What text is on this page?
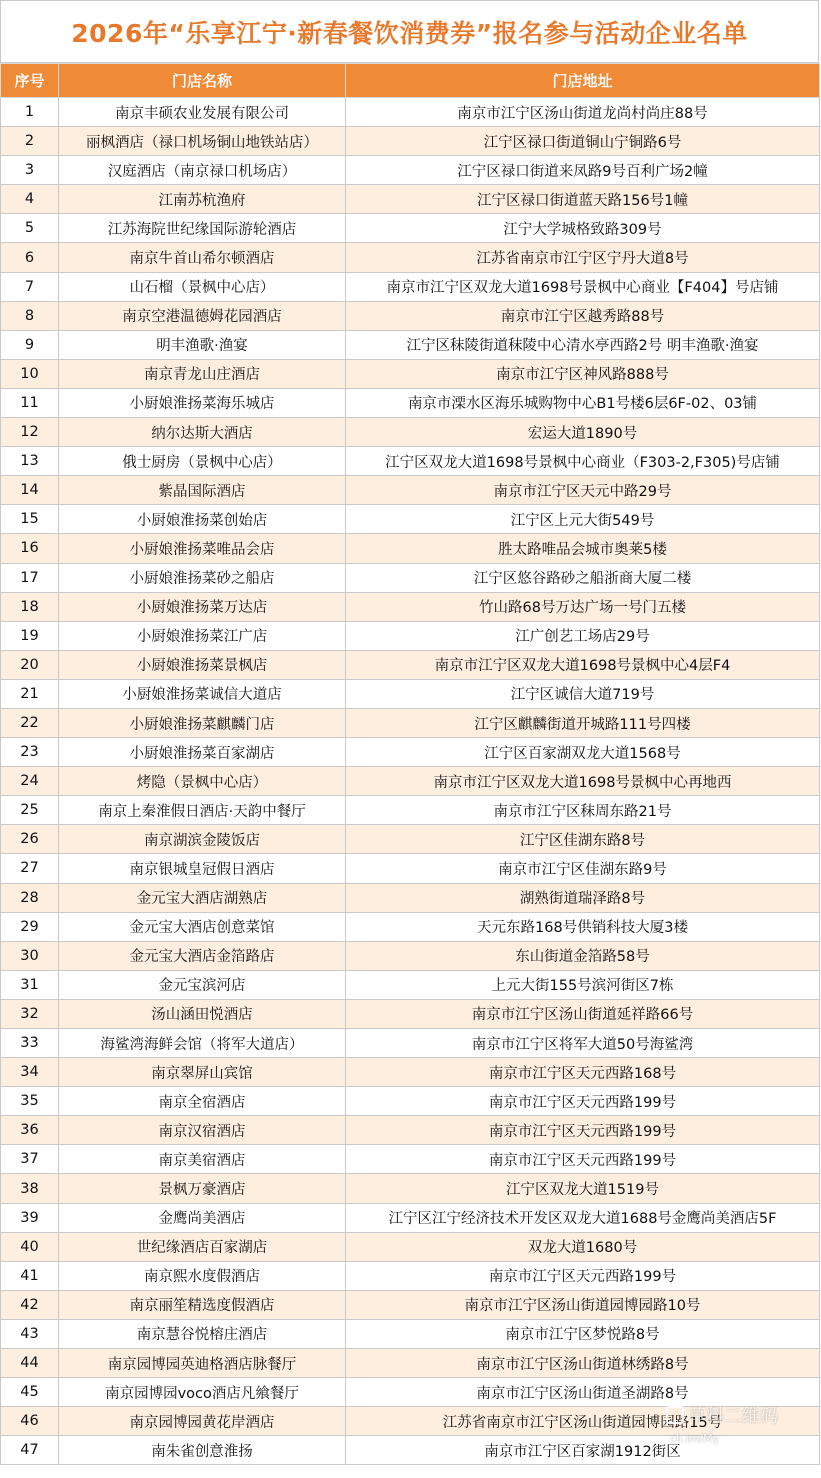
2026年“乐享江宁·新春餐饮消费券”报名参与活动企业名单
序号	门店名称	门店地址
1	南京丰硕农业发展有限公司	南京市江宁区汤山街道龙尚村尚庄88号
2	丽枫酒店（禄口机场铜山地铁站店）	江宁区禄口街道铜山宁铜路6号
3	汉庭酒店（南京禄口机场店）	江宁区禄口街道来凤路9号百利广场2幢
4	江南苏杭渔府	江宁区禄口街道蓝天路156号1幢
5	江苏海院世纪缘国际游轮酒店	江宁大学城格致路309号
6	南京牛首山希尔顿酒店	江苏省南京市江宁区宁丹大道8号
7	山石榴（景枫中心店）	南京市江宁区双龙大道1698号景枫中心商业【F404】号店铺
8	南京空港温德姆花园酒店	南京市江宁区越秀路88号
9	明丰渔歌·渔宴	江宁区秣陵街道秣陵中心清水亭西路2号 明丰渔歌·渔宴
10	南京青龙山庄酒店	南京市江宁区神风路888号
11	小厨娘淮扬菜海乐城店	南京市溧水区海乐城购物中心B1号楼6层6F-02、03铺
12	纳尔达斯大酒店	宏运大道1890号
13	俄士厨房（景枫中心店）	江宁区双龙大道1698号景枫中心商业（F303-2,F305)号店铺
14	紫晶国际酒店	南京市江宁区天元中路29号
15	小厨娘淮扬菜创始店	江宁区上元大街549号
16	小厨娘淮扬菜唯品会店	胜太路唯品会城市奥莱5楼
17	小厨娘淮扬菜砂之船店	江宁区悠谷路砂之船浙商大厦二楼
18	小厨娘淮扬菜万达店	竹山路68号万达广场一号门五楼
19	小厨娘淮扬菜江广店	江广创艺工场店29号
20	小厨娘淮扬菜景枫店	南京市江宁区双龙大道1698号景枫中心4层F4
21	小厨娘淮扬菜诚信大道店	江宁区诚信大道719号
22	小厨娘淮扬菜麒麟门店	江宁区麒麟街道开城路111号四楼
23	小厨娘淮扬菜百家湖店	江宁区百家湖双龙大道1568号
24	烤隐（景枫中心店）	南京市江宁区双龙大道1698号景枫中心再地西
25	南京上秦淮假日酒店·天韵中餐厅	南京市江宁区秣周东路21号
26	南京湖滨金陵饭店	江宁区佳湖东路8号
27	南京银城皇冠假日酒店	南京市江宁区佳湖东路9号
28	金元宝大酒店湖熟店	湖熟街道瑞泽路8号
29	金元宝大酒店创意菜馆	天元东路168号供销科技大厦3楼
30	金元宝大酒店金箔路店	东山街道金箔路58号
31	金元宝滨河店	上元大街155号滨河街区7栋
32	汤山涵田悦酒店	南京市江宁区汤山街道延祥路66号
33	海鲨湾海鲜会馆（将军大道店）	南京市江宁区将军大道50号海鲨湾
34	南京翠屏山宾馆	南京市江宁区天元西路168号
35	南京全宿酒店	南京市江宁区天元西路199号
36	南京汉宿酒店	南京市江宁区天元西路199号
37	南京美宿酒店	南京市江宁区天元西路199号
38	景枫万豪酒店	江宁区双龙大道1519号
39	金鹰尚美酒店	江宁区江宁经济技术开发区双龙大道1688号金鹰尚美酒店5F
40	世纪缘酒店百家湖店	双龙大道1680号
41	南京熙水度假酒店	南京市江宁区天元西路199号
42	南京丽笙精选度假酒店	南京市江宁区汤山街道园博园路10号
43	南京慧谷悦榕庄酒店	南京市江宁区梦悦路8号
44	南京园博园英迪格酒店脉餐厅	南京市江宁区汤山街道林绣路8号
45	南京园博园voco酒店凡飨餐厅	南京市江宁区汤山街道圣湖路8号
46	南京园博园黄花岸酒店	江苏省南京市江宁区汤山街道园博园路15号
47	南朱雀创意淮扬	南京市江宁区百家湖1912街区
草料二维码
cli.im/My
